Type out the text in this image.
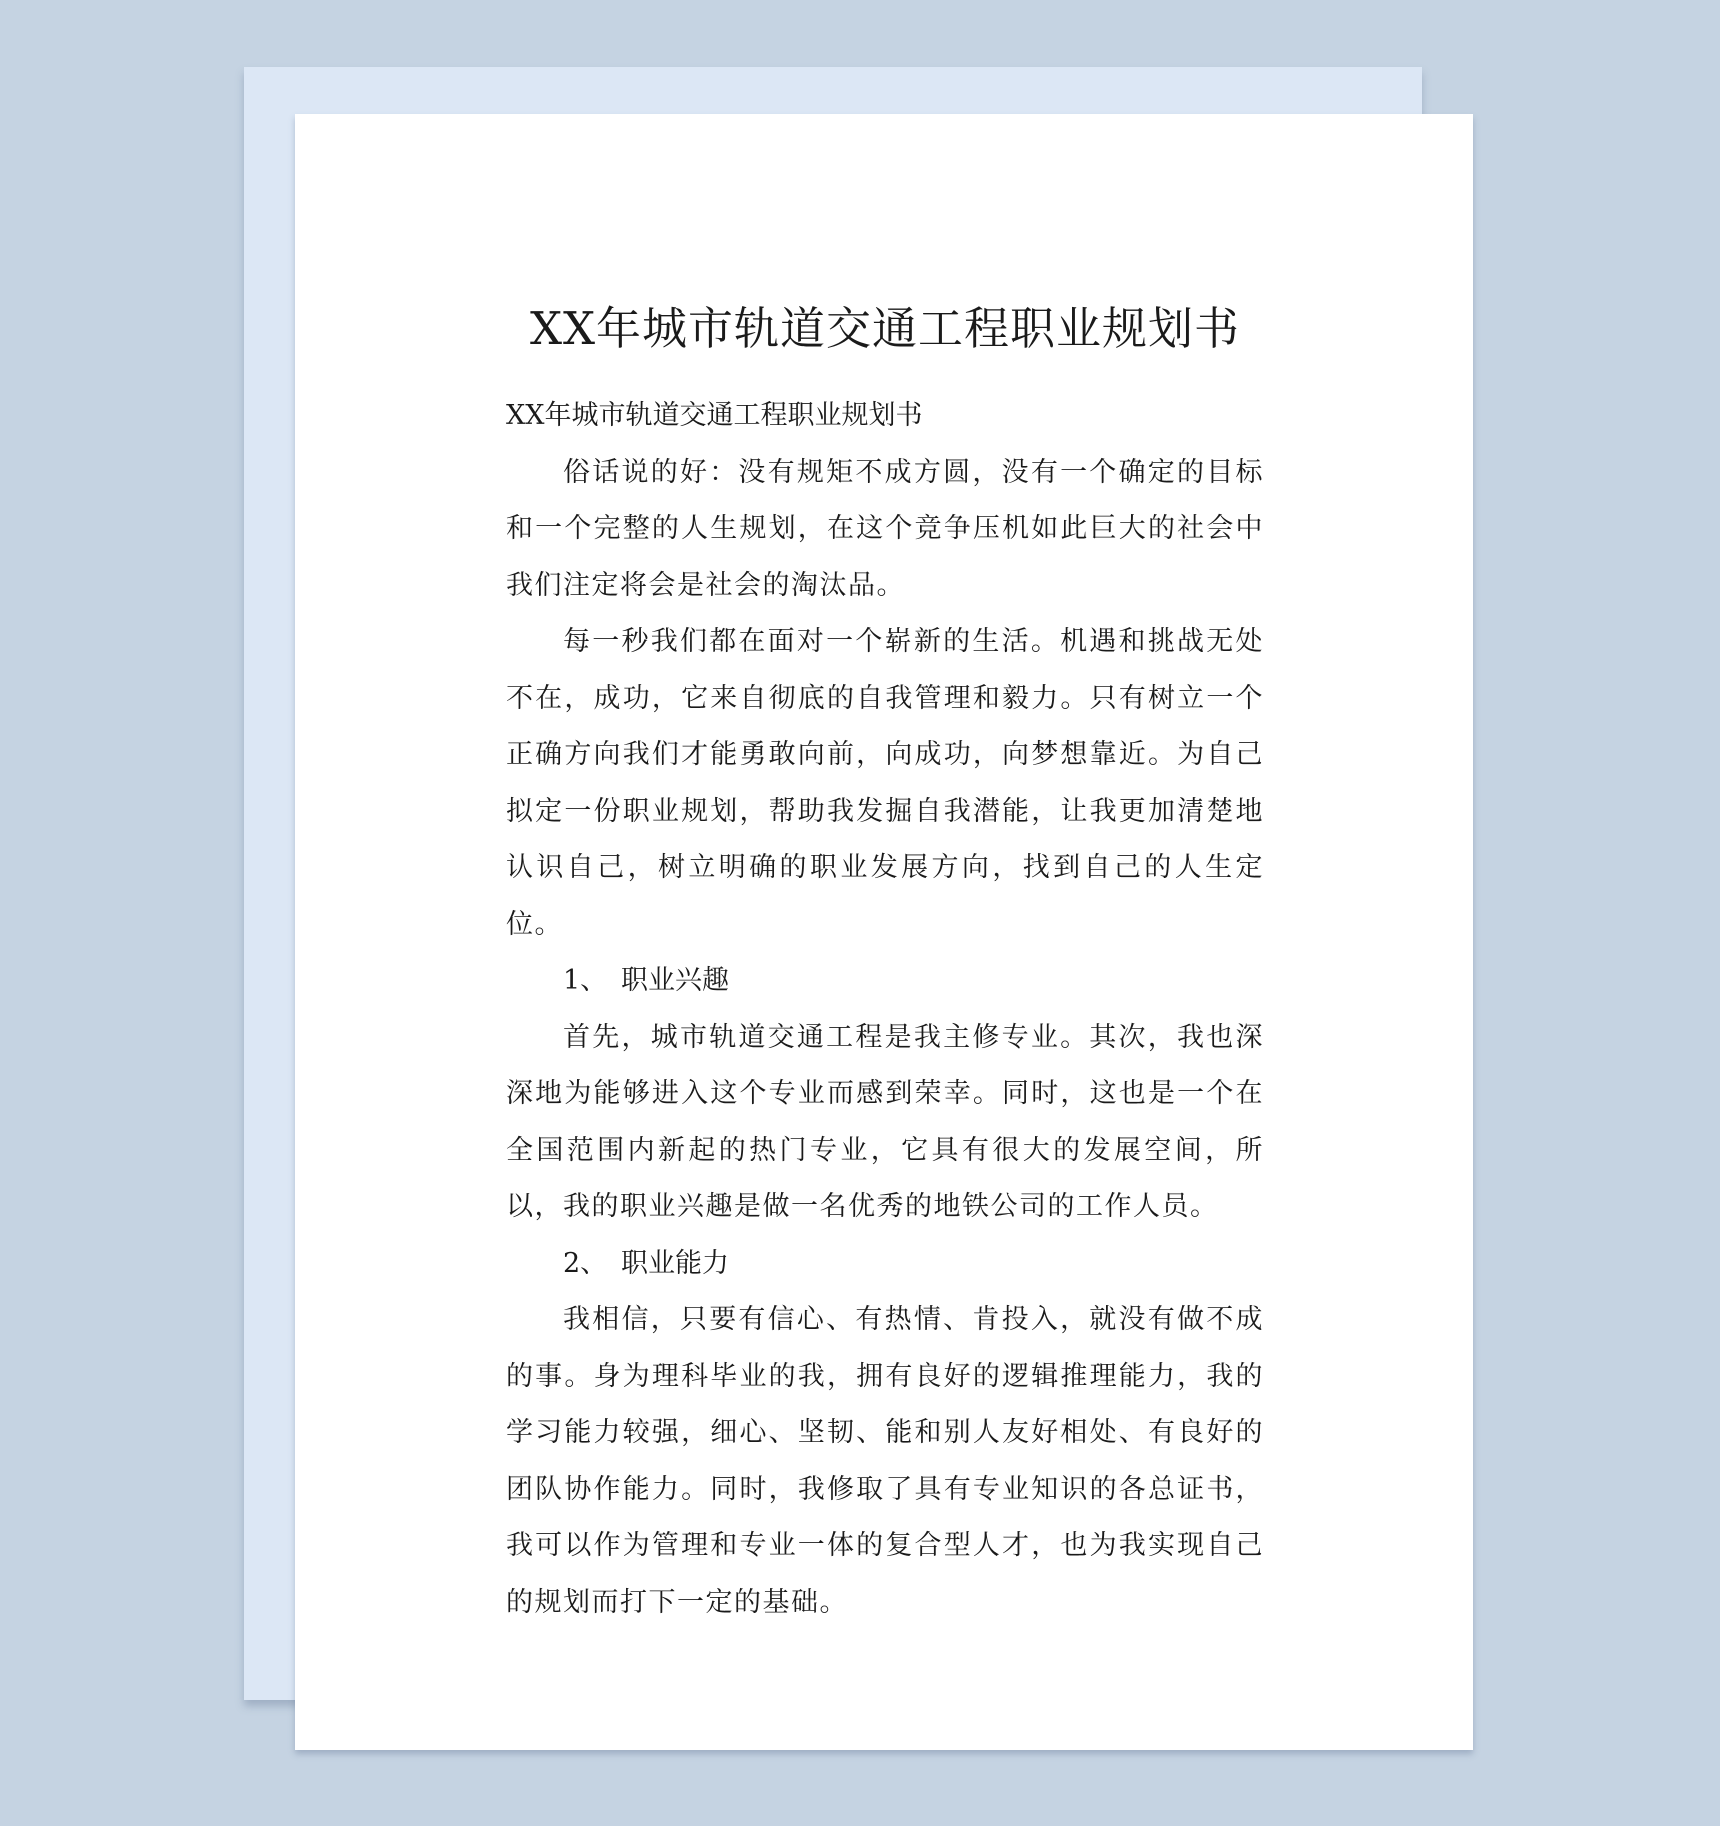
XX年城市轨道交通工程职业规划书

XX年城市轨道交通工程职业规划书

俗话说的好：没有规矩不成方圆，没有一个确定的目标和一个完整的人生规划，在这个竞争压机如此巨大的社会中我们注定将会是社会的淘汰品。

每一秒我们都在面对一个崭新的生活。机遇和挑战无处不在，成功，它来自彻底的自我管理和毅力。只有树立一个正确方向我们才能勇敢向前，向成功，向梦想靠近。为自己拟定一份职业规划，帮助我发掘自我潜能，让我更加清楚地认识自己，树立明确的职业发展方向，找到自己的人生定位。

1、 职业兴趣

首先，城市轨道交通工程是我主修专业。其次，我也深深地为能够进入这个专业而感到荣幸。同时，这也是一个在全国范围内新起的热门专业，它具有很大的发展空间，所以，我的职业兴趣是做一名优秀的地铁公司的工作人员。

2、 职业能力

我相信，只要有信心、有热情、肯投入，就没有做不成的事。身为理科毕业的我，拥有良好的逻辑推理能力，我的学习能力较强，细心、坚韧、能和别人友好相处、有良好的团队协作能力。同时，我修取了具有专业知识的各总证书，我可以作为管理和专业一体的复合型人才，也为我实现自己的规划而打下一定的基础。
